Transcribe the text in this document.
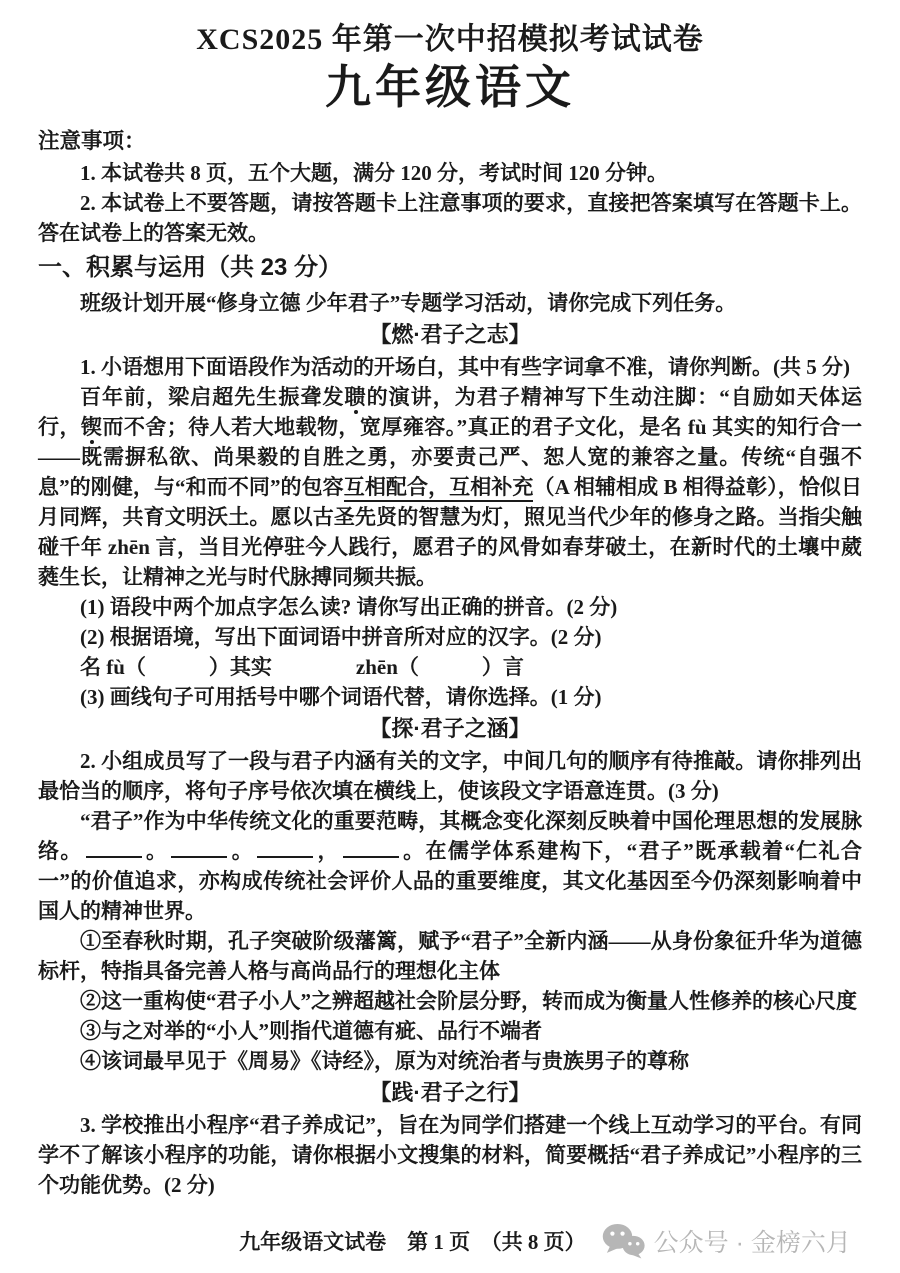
XCS2025 年第一次中招模拟考试试卷
九年级语文
注意事项：
1. 本试卷共 8 页，五个大题，满分 120 分，考试时间 120 分钟。
2. 本试卷上不要答题，请按答题卡上注意事项的要求，直接把答案填写在答题卡上。答在试卷上的答案无效。
一、积累与运用（共 23 分）
班级计划开展“修身立德 少年君子”专题学习活动，请你完成下列任务。
【燃·君子之志】
1. 小语想用下面语段作为活动的开场白，其中有些字词拿不准，请你判断。(共 5 分)
百年前，梁启超先生振聋发聩的演讲，为君子精神写下生动注脚：“自励如天体运行，锲而不舍；待人若大地载物，宽厚雍容。”真正的君子文化，是名 fù 其实的知行合一——既需摒私欲、尚果毅的自胜之勇，亦要责己严、恕人宽的兼容之量。传统“自强不息”的刚健，与“和而不同”的包容互相配合，互相补充（A 相辅相成 B 相得益彰），恰似日月同辉，共育文明沃土。愿以古圣先贤的智慧为灯，照见当代少年的修身之路。当指尖触碰千年 zhēn 言，当目光停驻今人践行，愿君子的风骨如春芽破土，在新时代的土壤中葳蕤生长，让精神之光与时代脉搏同频共振。
(1) 语段中两个加点字怎么读? 请你写出正确的拼音。(2 分)
(2) 根据语境，写出下面词语中拼音所对应的汉字。(2 分)
名 fù（　　　）其实　　　　zhēn（　　　）言
(3) 画线句子可用括号中哪个词语代替，请你选择。(1 分)
【探·君子之涵】
2. 小组成员写了一段与君子内涵有关的文字，中间几句的顺序有待推敲。请你排列出最恰当的顺序，将句子序号依次填在横线上，使该段文字语意连贯。(3 分)
“君子”作为中华传统文化的重要范畴，其概念变化深刻反映着中国伦理思想的发展脉络。	。	。	，	。在儒学体系建构下，“君子”既承载着“仁礼合一”的价值追求，亦构成传统社会评价人品的重要维度，其文化基因至今仍深刻影响着中国人的精神世界。
①至春秋时期，孔子突破阶级藩篱，赋予“君子”全新内涵——从身份象征升华为道德标杆，特指具备完善人格与高尚品行的理想化主体
②这一重构使“君子小人”之辨超越社会阶层分野，转而成为衡量人性修养的核心尺度
③与之对举的“小人”则指代道德有疵、品行不端者
④该词最早见于《周易》《诗经》，原为对统治者与贵族男子的尊称
【践·君子之行】
3. 学校推出小程序“君子养成记”，旨在为同学们搭建一个线上互动学习的平台。有同学不了解该小程序的功能，请你根据小文搜集的材料，简要概括“君子养成记”小程序的三个功能优势。(2 分)
九年级语文试卷　第 1 页　（共 8 页）	公众号 · 金榜六月
